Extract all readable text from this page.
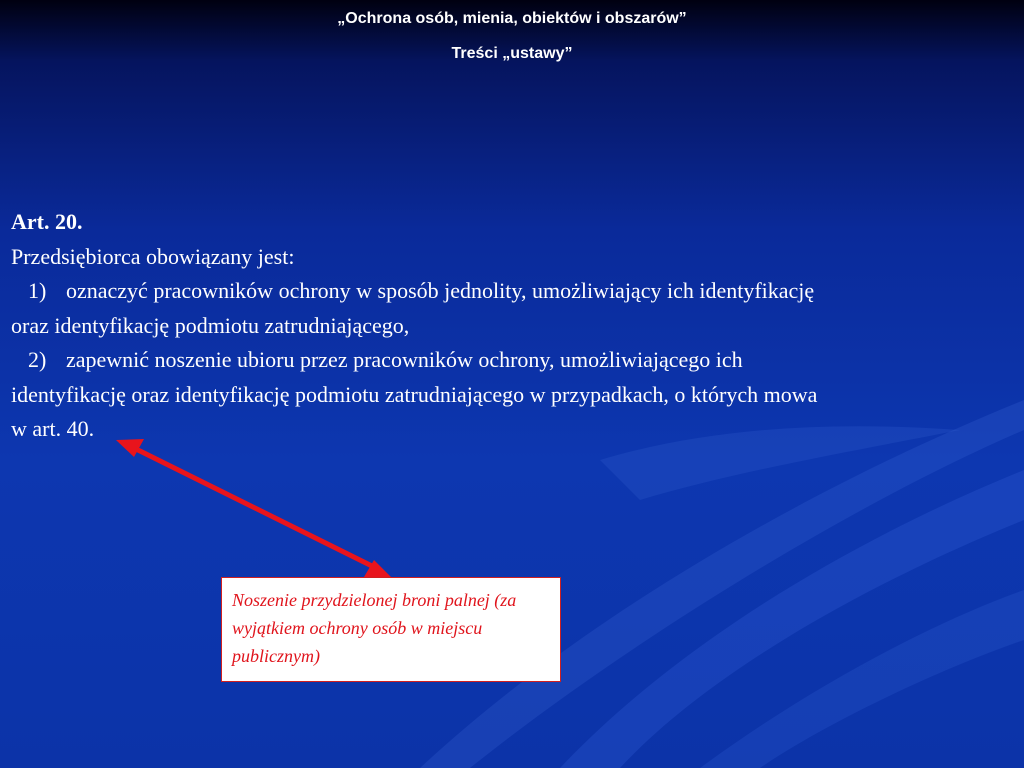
„Ochrona osób, mienia, obiektów i obszarów”
Treści „ustawy”
Art. 20.
Przedsiębiorca obowiązany jest:
1) oznaczyć pracowników ochrony w sposób jednolity, umożliwiający ich identyfikację
oraz identyfikację podmiotu zatrudniającego,
2) zapewnić noszenie ubioru przez pracowników ochrony, umożliwiającego ich
identyfikację oraz identyfikację podmiotu zatrudniającego w przypadkach, o których mowa
w art. 40.
Noszenie przydzielonej broni palnej (za wyjątkiem ochrony osób w miejscu publicznym)
